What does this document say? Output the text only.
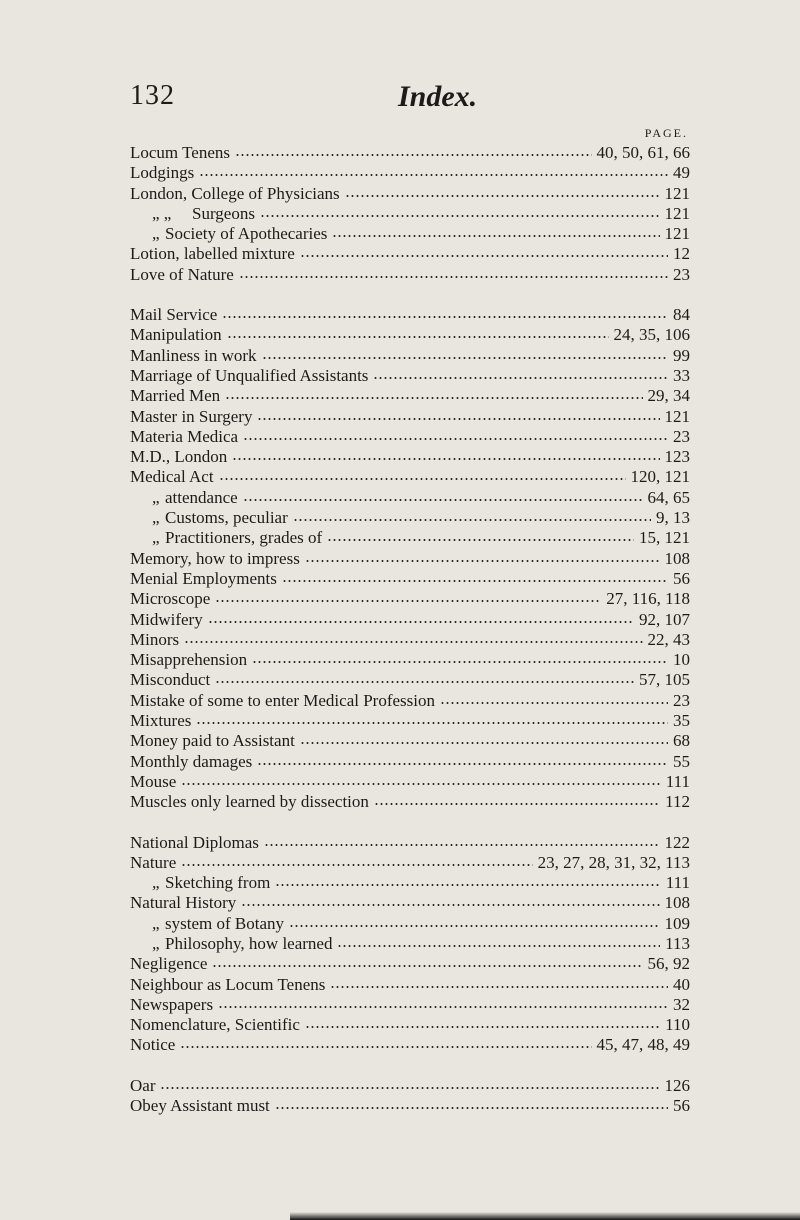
132	Index.
PAGE.
Locum Tenens	40, 50, 61, 66
Lodgings	49
London, College of Physicians	121
„ „	Surgeons	121
„ Society of Apothecaries	121
Lotion, labelled mixture	12
Love of Nature	23
Mail Service	84
Manipulation	24, 35, 106
Manliness in work	99
Marriage of Unqualified Assistants	33
Married Men	29, 34
Master in Surgery	121
Materia Medica	23
M.D., London	123
Medical Act	120, 121
„ attendance	64, 65
„ Customs, peculiar	9, 13
„ Practitioners, grades of	15, 121
Memory, how to impress	108
Menial Employments	56
Microscope	27, 116, 118
Midwifery	92, 107
Minors	22, 43
Misapprehension	10
Misconduct	57, 105
Mistake of some to enter Medical Profession	23
Mixtures	35
Money paid to Assistant	68
Monthly damages	55
Mouse	111
Muscles only learned by dissection	112
National Diplomas	122
Nature	23, 27, 28, 31, 32, 113
„ Sketching from	111
Natural History	108
„ system of Botany	109
„ Philosophy, how learned	113
Negligence	56, 92
Neighbour as Locum Tenens	40
Newspapers	32
Nomenclature, Scientific	110
Notice	45, 47, 48, 49
Oar	126
Obey Assistant must	56
